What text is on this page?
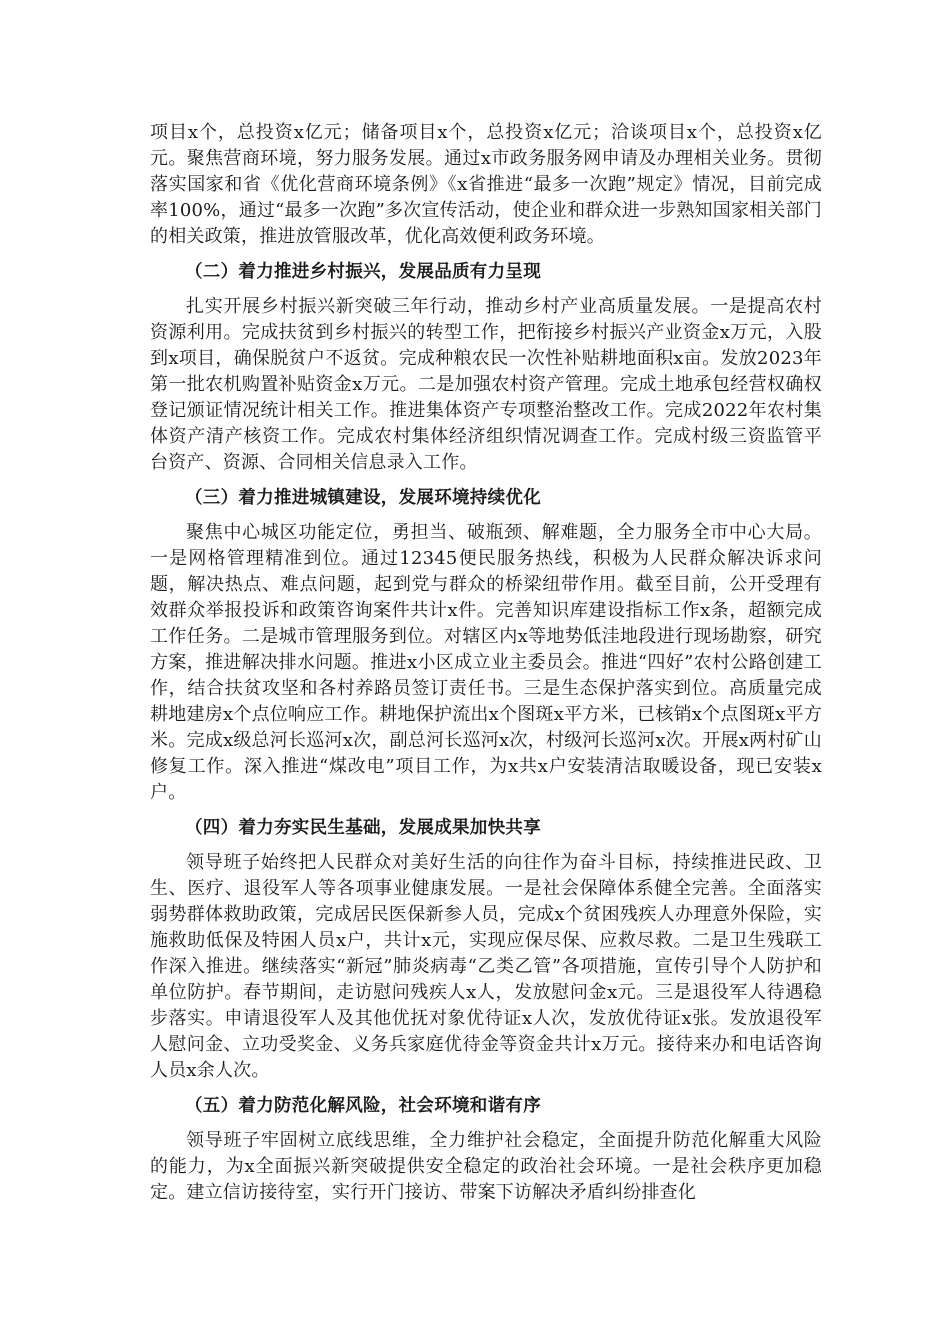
项目x个，总投资x亿元；储备项目x个，总投资x亿元；洽谈项目x个，总投资x亿元。聚焦营商环境，努力服务发展。通过x市政务服务网申请及办理相关业务。贯彻落实国家和省《优化营商环境条例》《x省推进“最多一次跑”规定》情况，目前完成率100%，通过“最多一次跑”多次宣传活动，使企业和群众进一步熟知国家相关部门的相关政策，推进放管服改革，优化高效便利政务环境。

（二）着力推进乡村振兴，发展品质有力呈现

扎实开展乡村振兴新突破三年行动，推动乡村产业高质量发展。一是提高农村资源利用。完成扶贫到乡村振兴的转型工作，把衔接乡村振兴产业资金x万元，入股到x项目，确保脱贫户不返贫。完成种粮农民一次性补贴耕地面积x亩。发放2023年第一批农机购置补贴资金x万元。二是加强农村资产管理。完成土地承包经营权确权登记颁证情况统计相关工作。推进集体资产专项整治整改工作。完成2022年农村集体资产清产核资工作。完成农村集体经济组织情况调查工作。完成村级三资监管平台资产、资源、合同相关信息录入工作。

（三）着力推进城镇建设，发展环境持续优化

聚焦中心城区功能定位，勇担当、破瓶颈、解难题，全力服务全市中心大局。一是网格管理精准到位。通过12345便民服务热线，积极为人民群众解决诉求问题，解决热点、难点问题，起到党与群众的桥梁纽带作用。截至目前，公开受理有效群众举报投诉和政策咨询案件共计x件。完善知识库建设指标工作x条，超额完成工作任务。二是城市管理服务到位。对辖区内x等地势低洼地段进行现场勘察，研究方案，推进解决排水问题。推进x小区成立业主委员会。推进“四好”农村公路创建工作，结合扶贫攻坚和各村养路员签订责任书。三是生态保护落实到位。高质量完成耕地建房x个点位响应工作。耕地保护流出x个图斑x平方米，已核销x个点图斑x平方米。完成x级总河长巡河x次，副总河长巡河x次，村级河长巡河x次。开展x两村矿山修复工作。深入推进“煤改电”项目工作，为x共x户安装清洁取暖设备，现已安装x户。

（四）着力夯实民生基础，发展成果加快共享

领导班子始终把人民群众对美好生活的向往作为奋斗目标，持续推进民政、卫生、医疗、退役军人等各项事业健康发展。一是社会保障体系健全完善。全面落实弱势群体救助政策，完成居民医保新参人员，完成x个贫困残疾人办理意外保险，实施救助低保及特困人员x户，共计x元，实现应保尽保、应救尽救。二是卫生残联工作深入推进。继续落实“新冠”肺炎病毒“乙类乙管”各项措施，宣传引导个人防护和单位防护。春节期间，走访慰问残疾人x人，发放慰问金x元。三是退役军人待遇稳步落实。申请退役军人及其他优抚对象优待证x人次，发放优待证x张。发放退役军人慰问金、立功受奖金、义务兵家庭优待金等资金共计x万元。接待来办和电话咨询人员x余人次。

（五）着力防范化解风险，社会环境和谐有序

领导班子牢固树立底线思维，全力维护社会稳定，全面提升防范化解重大风险的能力，为x全面振兴新突破提供安全稳定的政治社会环境。一是社会秩序更加稳定。建立信访接待室，实行开门接访、带案下访解决矛盾纠纷排查化
